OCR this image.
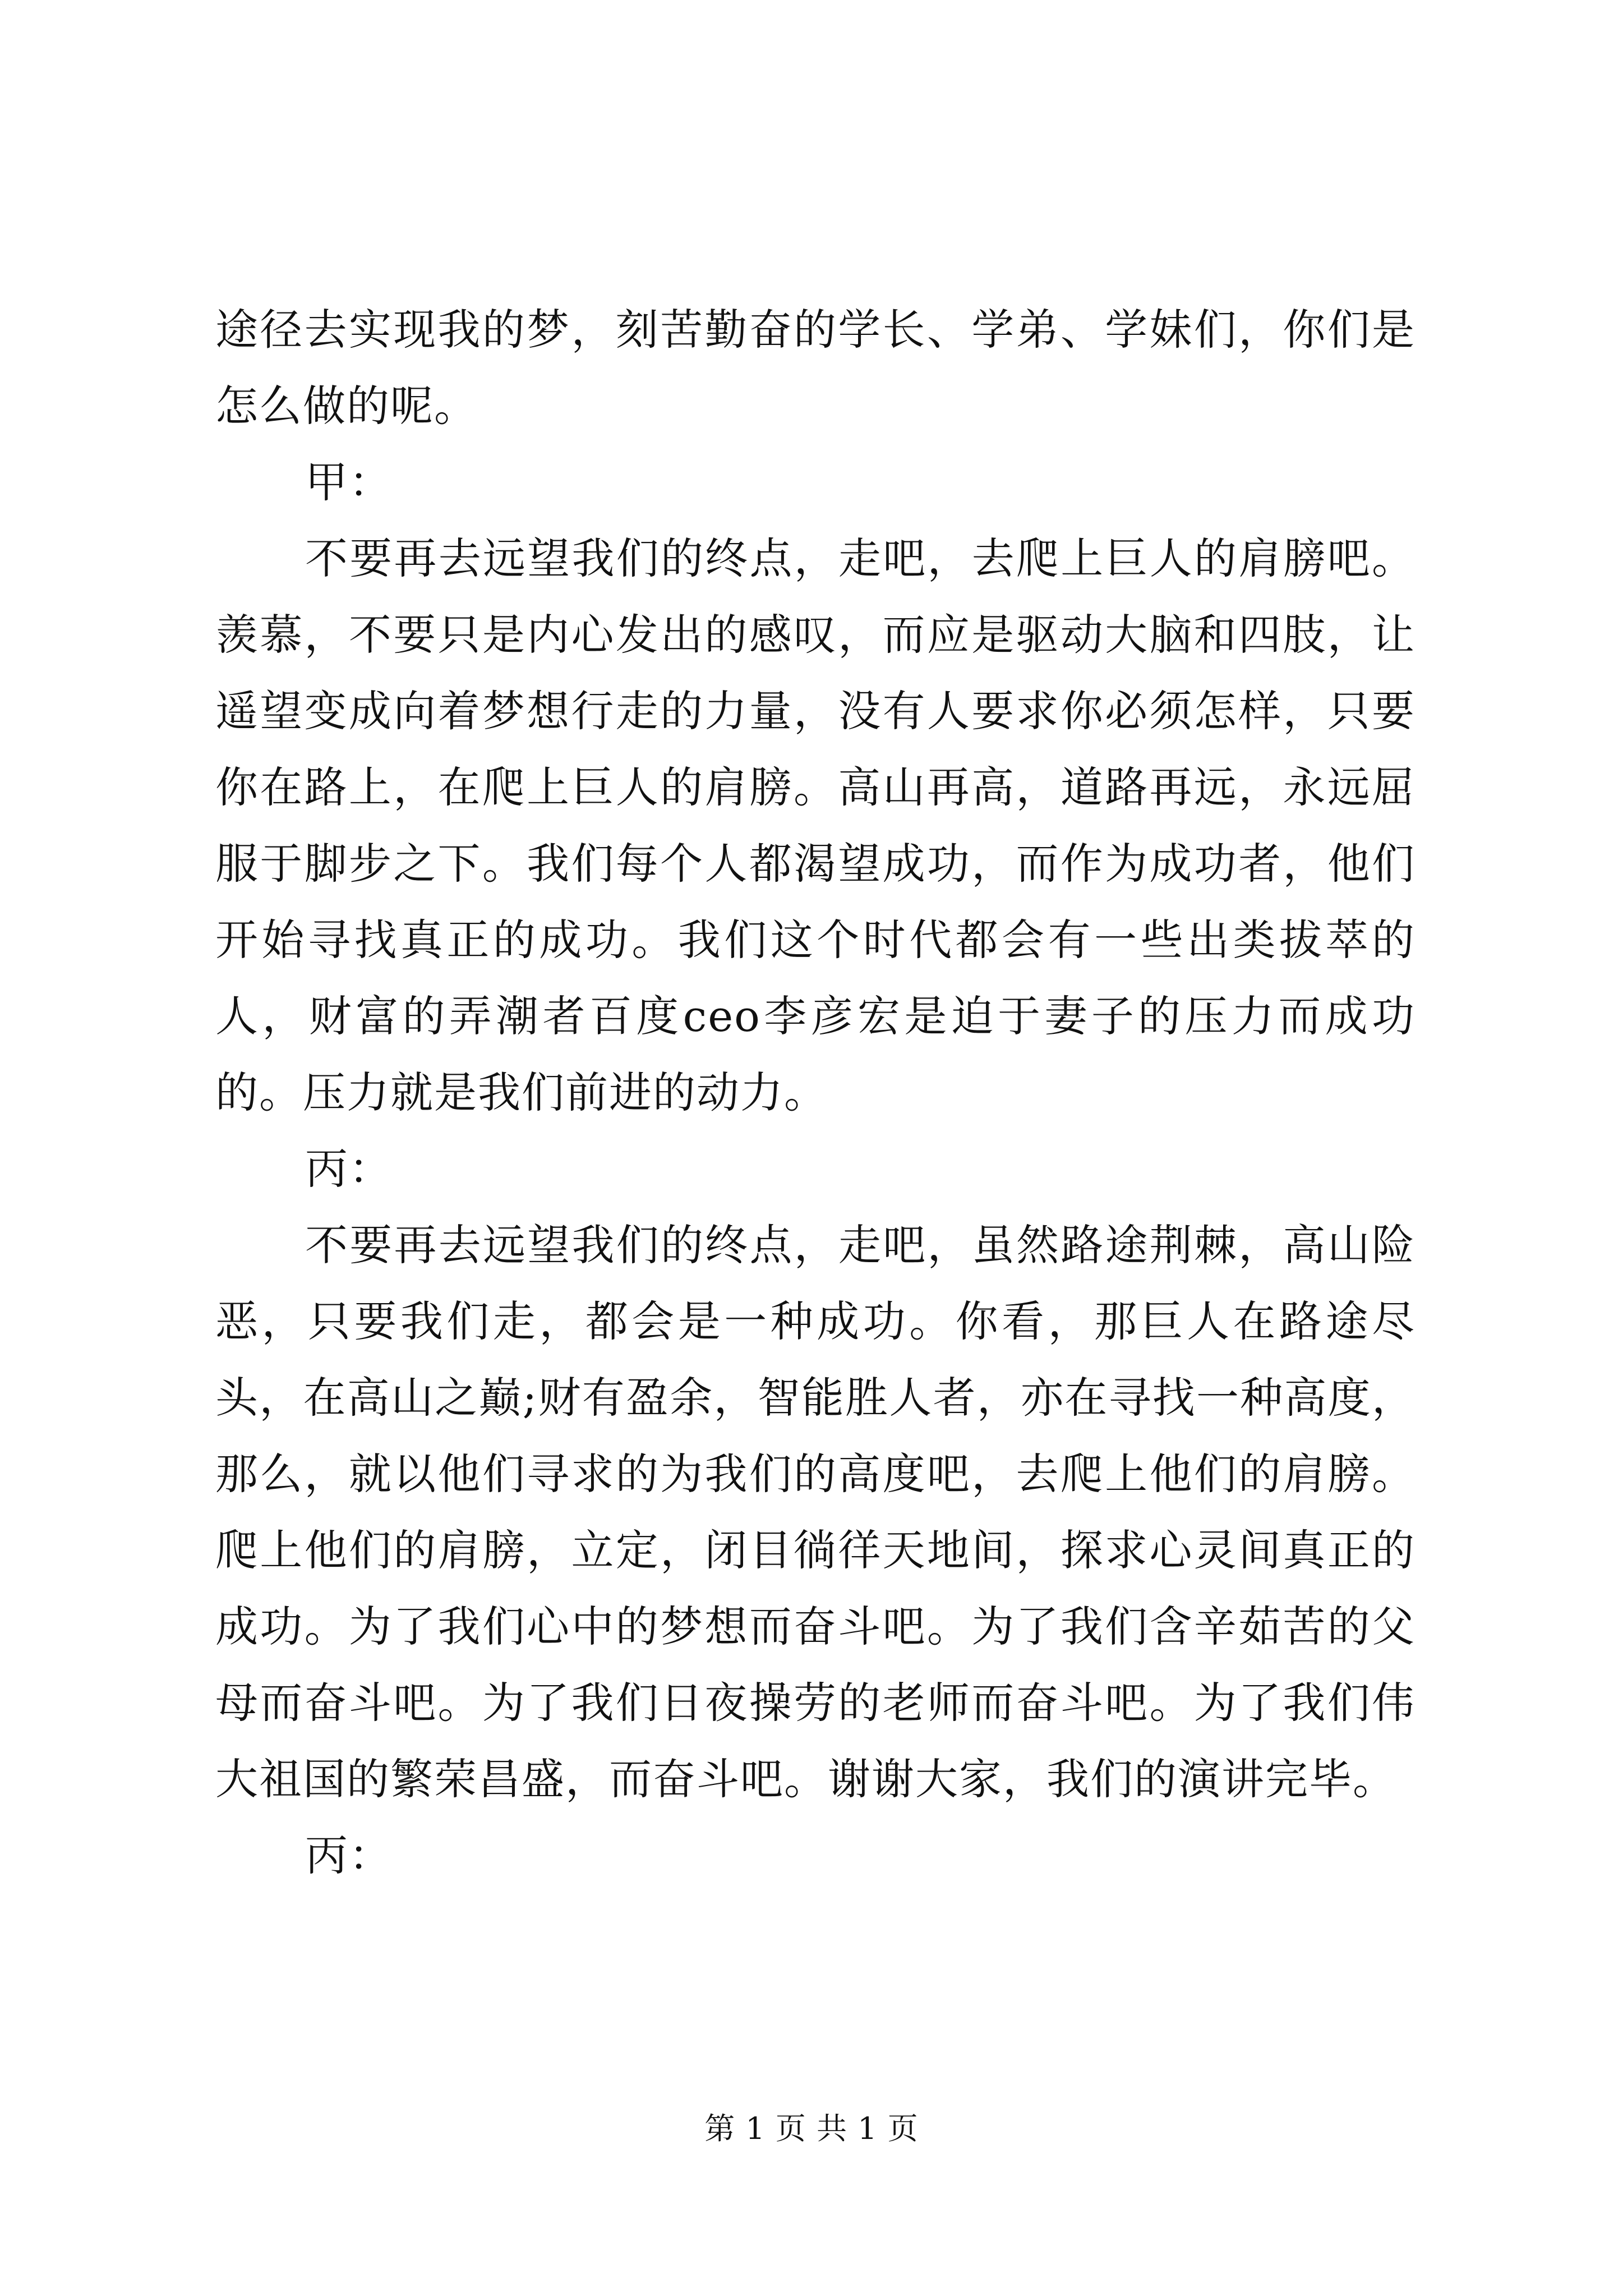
途径去实现我的梦，刻苦勤奋的学长、学弟、学妹们，你们是怎么做的呢。

甲：

不要再去远望我们的终点，走吧，去爬上巨人的肩膀吧。羡慕，不要只是内心发出的感叹，而应是驱动大脑和四肢，让遥望变成向着梦想行走的力量，没有人要求你必须怎样，只要你在路上，在爬上巨人的肩膀。高山再高，道路再远，永远屈服于脚步之下。我们每个人都渴望成功，而作为成功者，他们开始寻找真正的成功。我们这个时代都会有一些出类拔萃的人，财富的弄潮者百度ceo李彦宏是迫于妻子的压力而成功的。压力就是我们前进的动力。

丙：

不要再去远望我们的终点，走吧，虽然路途荆棘，高山险恶，只要我们走，都会是一种成功。你看，那巨人在路途尽头，在高山之巅;财有盈余，智能胜人者，亦在寻找一种高度，那么，就以他们寻求的为我们的高度吧，去爬上他们的肩膀。爬上他们的肩膀，立定，闭目徜徉天地间，探求心灵间真正的成功。为了我们心中的梦想而奋斗吧。为了我们含辛茹苦的父母而奋斗吧。为了我们日夜操劳的老师而奋斗吧。为了我们伟大祖国的繁荣昌盛，而奋斗吧。谢谢大家，我们的演讲完毕。

丙：

第 1 页 共 1 页
